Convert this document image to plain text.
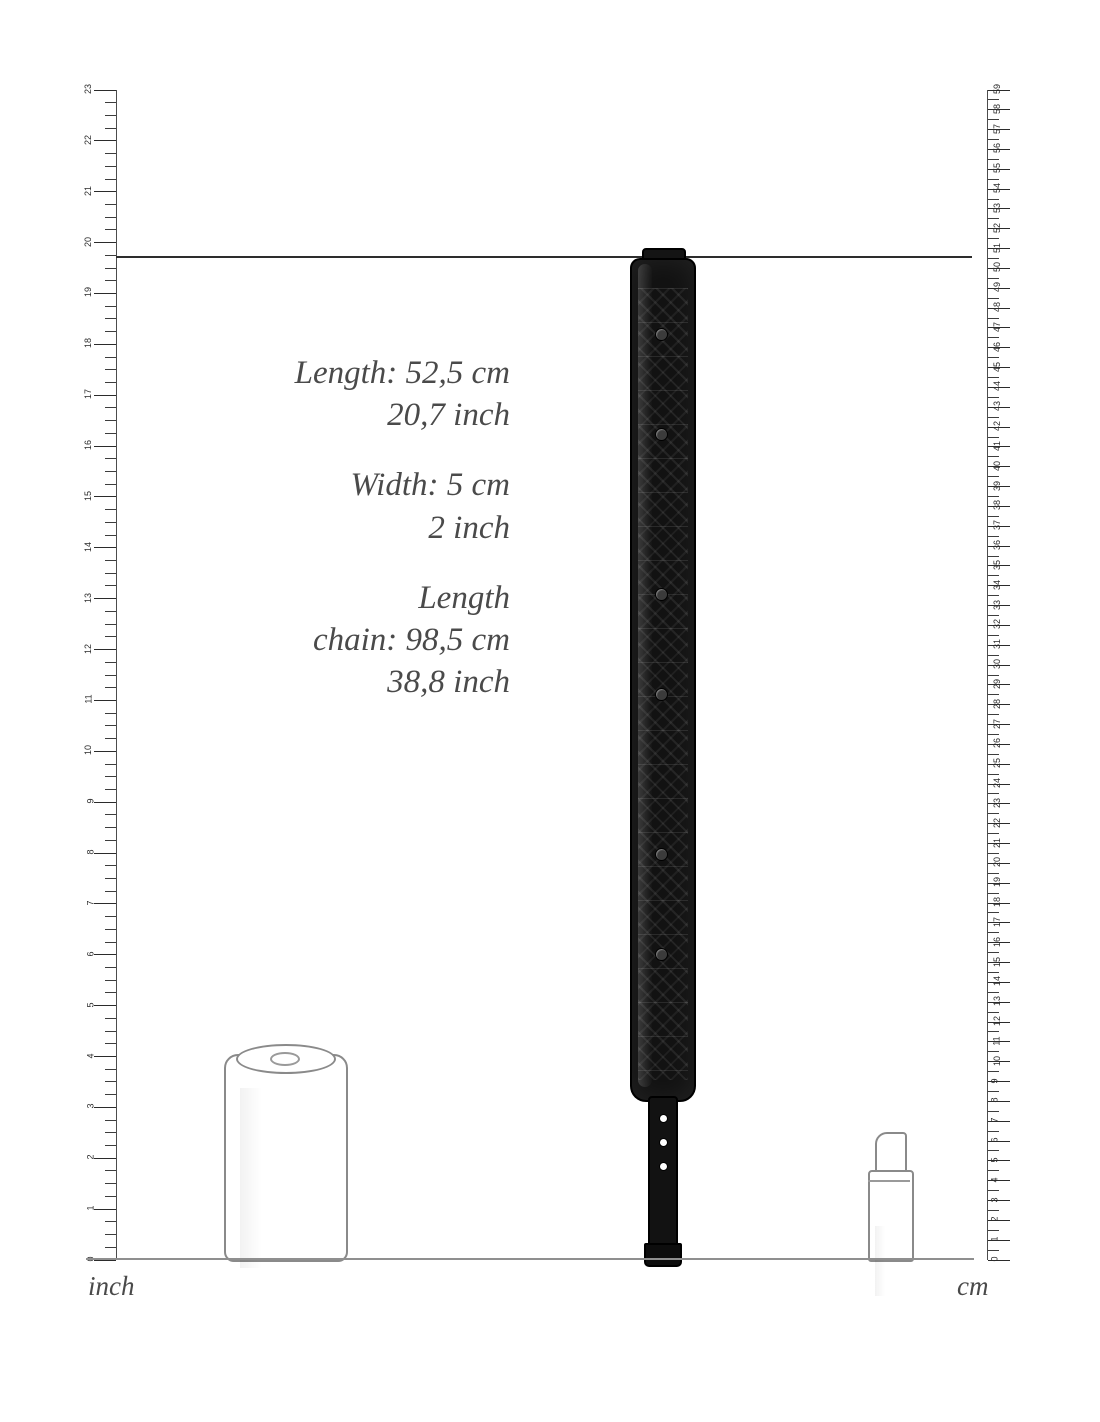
1
2
3
4
5
6
7
8
9
10
11
12
13
14
15
16
17
18
19
20
21
22
23
0
1
2
3
4
5
6
7
8
9
10
11
12
13
14
15
16
17
18
19
20
21
22
23
24
25
26
27
28
29
30
31
32
33
34
35
36
37
38
39
40
41
42
43
44
45
46
47
48
49
50
51
52
53
54
55
56
57
58
59
Length: 52,5 cm
20,7 inch
Width: 5 cm
2 inch
Length
chain: 98,5 cm
38,8 inch
inch	cm
